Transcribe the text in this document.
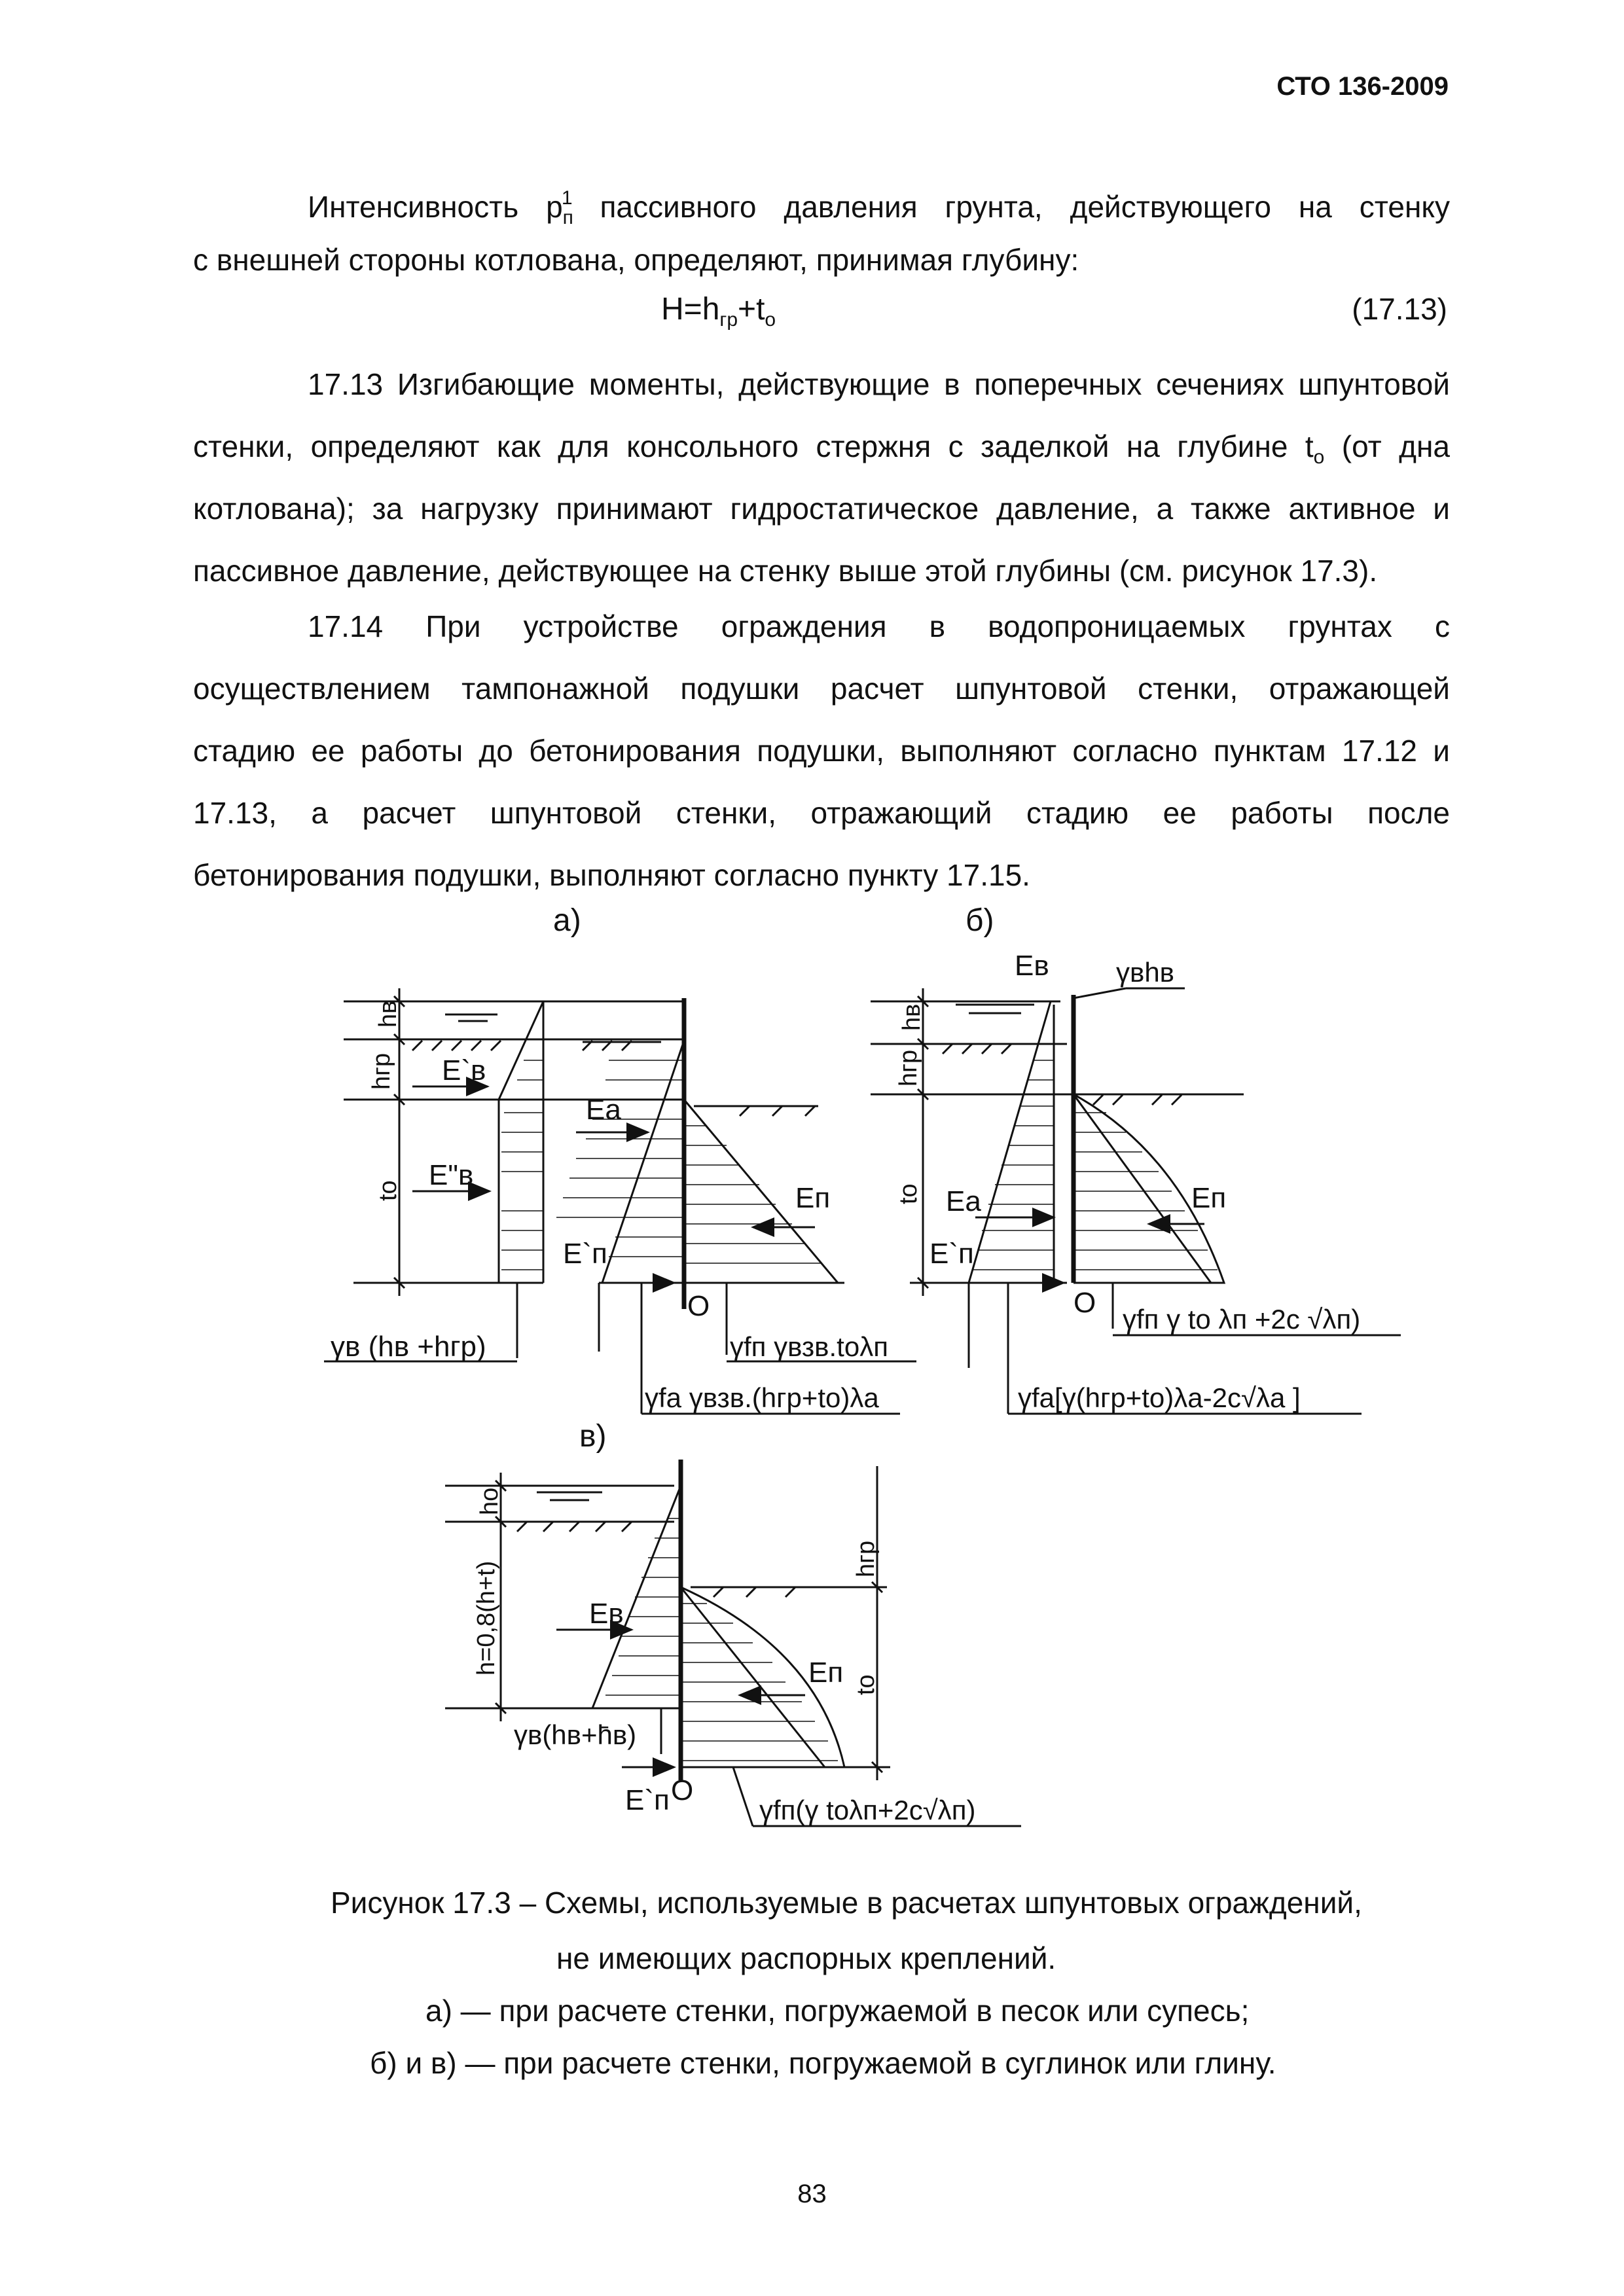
СТО 136-2009

Интенсивность $p_п^1$ пассивного давления грунта, действующего на стенку

с внешней стороны котлована, определяют, принимая глубину:

$H=h_{гр}+t_o$	(17.13)

17.13 Изгибающие моменты, действующие в поперечных сечениях шпунтовой

стенки, определяют как для консольного стержня с заделкой на глубине $t_o$ (от дна

котлована); за нагрузку принимают гидростатическое давление, а также активное и

пассивное давление, действующее на стенку выше этой глубины (см. рисунок 17.3).

17.14 При устройстве ограждения в водопроницаемых грунтах с

осуществлением тампонажной подушки расчет шпунтовой стенки, отражающей

стадию ее работы до бетонирования подушки, выполняют согласно пунктам 17.12 и

17.13, а расчет шпунтовой стенки, отражающий стадию ее работы после

бетонирования подушки, выполняют согласно пункту 17.15.

а)	б)
в)
hв
hгр
to
E`в
E"в
Eа
Eп
E`п
O
γв (hв +hгр)	γfп γвзв.toλп
γfа γвзв.(hгр+to)λа
hв
hгр
to
Eв γвhв
Eа	Eп
E`п
O
γfп γ to λп +2c √λп)
γfа[γ(hгр+to)λа-2c√λа ]
ho
h=0,8(h+t)
hгр
to
Eв
Eп
E`п O
γв(hв+h̄в)
γfп(γ toλп+2c√λп)
Рисунок 17.3 – Схемы, используемые в расчетах шпунтовых ограждений,
не имеющих распорных креплений.
а) — при расчете стенки, погружаемой в песок или супесь;
б) и в) — при расчете стенки, погружаемой в суглинок или глину.
83
